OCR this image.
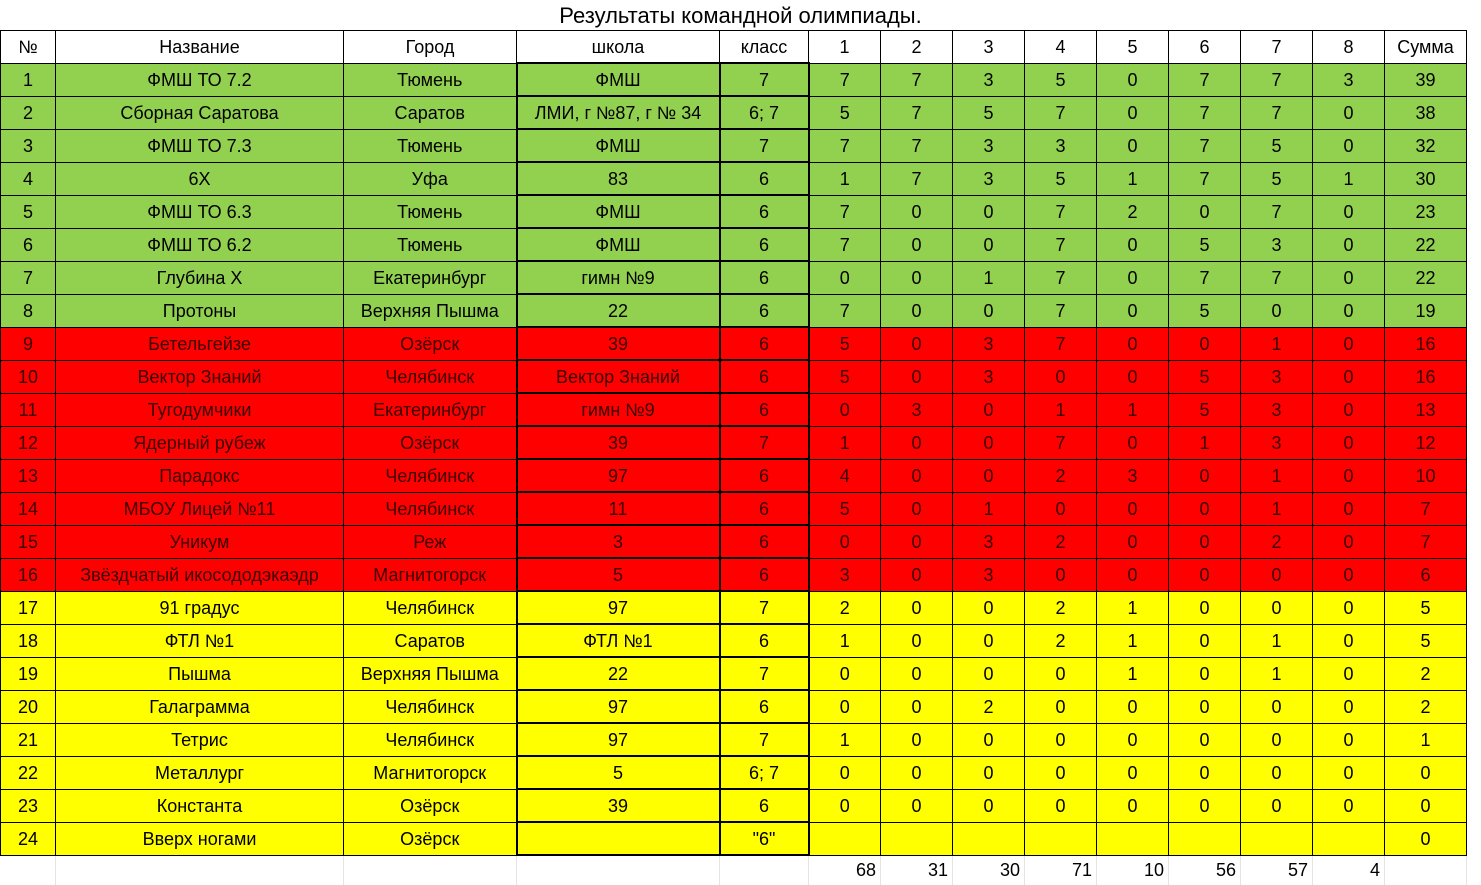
Результаты командной олимпиады.
№	Название	Город	школа	класс	1	2	3	4	5	6	7	8	Сумма
1	ФМШ ТО 7.2	Тюмень	ФМШ	7	7	7	3	5	0	7	7	3	39
2	Сборная Саратова	Саратов	ЛМИ, г №87, г № 34	6; 7	5	7	5	7	0	7	7	0	38
3	ФМШ ТО 7.3	Тюмень	ФМШ	7	7	7	3	3	0	7	5	0	32
4	6Х	Уфа	83	6	1	7	3	5	1	7	5	1	30
5	ФМШ ТО 6.3	Тюмень	ФМШ	6	7	0	0	7	2	0	7	0	23
6	ФМШ ТО 6.2	Тюмень	ФМШ	6	7	0	0	7	0	5	3	0	22
7	Глубина Х	Екатеринбург	гимн №9	6	0	0	1	7	0	7	7	0	22
8	Протоны	Верхняя Пышма	22	6	7	0	0	7	0	5	0	0	19
9	Бетельгейзе	Озёрск	39	6	5	0	3	7	0	0	1	0	16
10	Вектор Знаний	Челябинск	Вектор Знаний	6	5	0	3	0	0	5	3	0	16
11	Тугодумчики	Екатеринбург	гимн №9	6	0	3	0	1	1	5	3	0	13
12	Ядерный рубеж	Озёрск	39	7	1	0	0	7	0	1	3	0	12
13	Парадокс	Челябинск	97	6	4	0	0	2	3	0	1	0	10
14	МБОУ Лицей №11	Челябинск	11	6	5	0	1	0	0	0	1	0	7
15	Уникум	Реж	3	6	0	0	3	2	0	0	2	0	7
16	Звёздчатый икосододэкаэдр	Магнитогорск	5	6	3	0	3	0	0	0	0	0	6
17	91 градус	Челябинск	97	7	2	0	0	2	1	0	0	0	5
18	ФТЛ №1	Саратов	ФТЛ №1	6	1	0	0	2	1	0	1	0	5
19	Пышма	Верхняя Пышма	22	7	0	0	0	0	1	0	1	0	2
20	Галаграмма	Челябинск	97	6	0	0	2	0	0	0	0	0	2
21	Тетрис	Челябинск	97	7	1	0	0	0	0	0	0	0	1
22	Металлург	Магнитогорск	5	6; 7	0	0	0	0	0	0	0	0	0
23	Константа	Озёрск	39	6	0	0	0	0	0	0	0	0	0
24	Вверх ногами	Озёрск		"6"									0
					68	31	30	71	10	56	57	4	
